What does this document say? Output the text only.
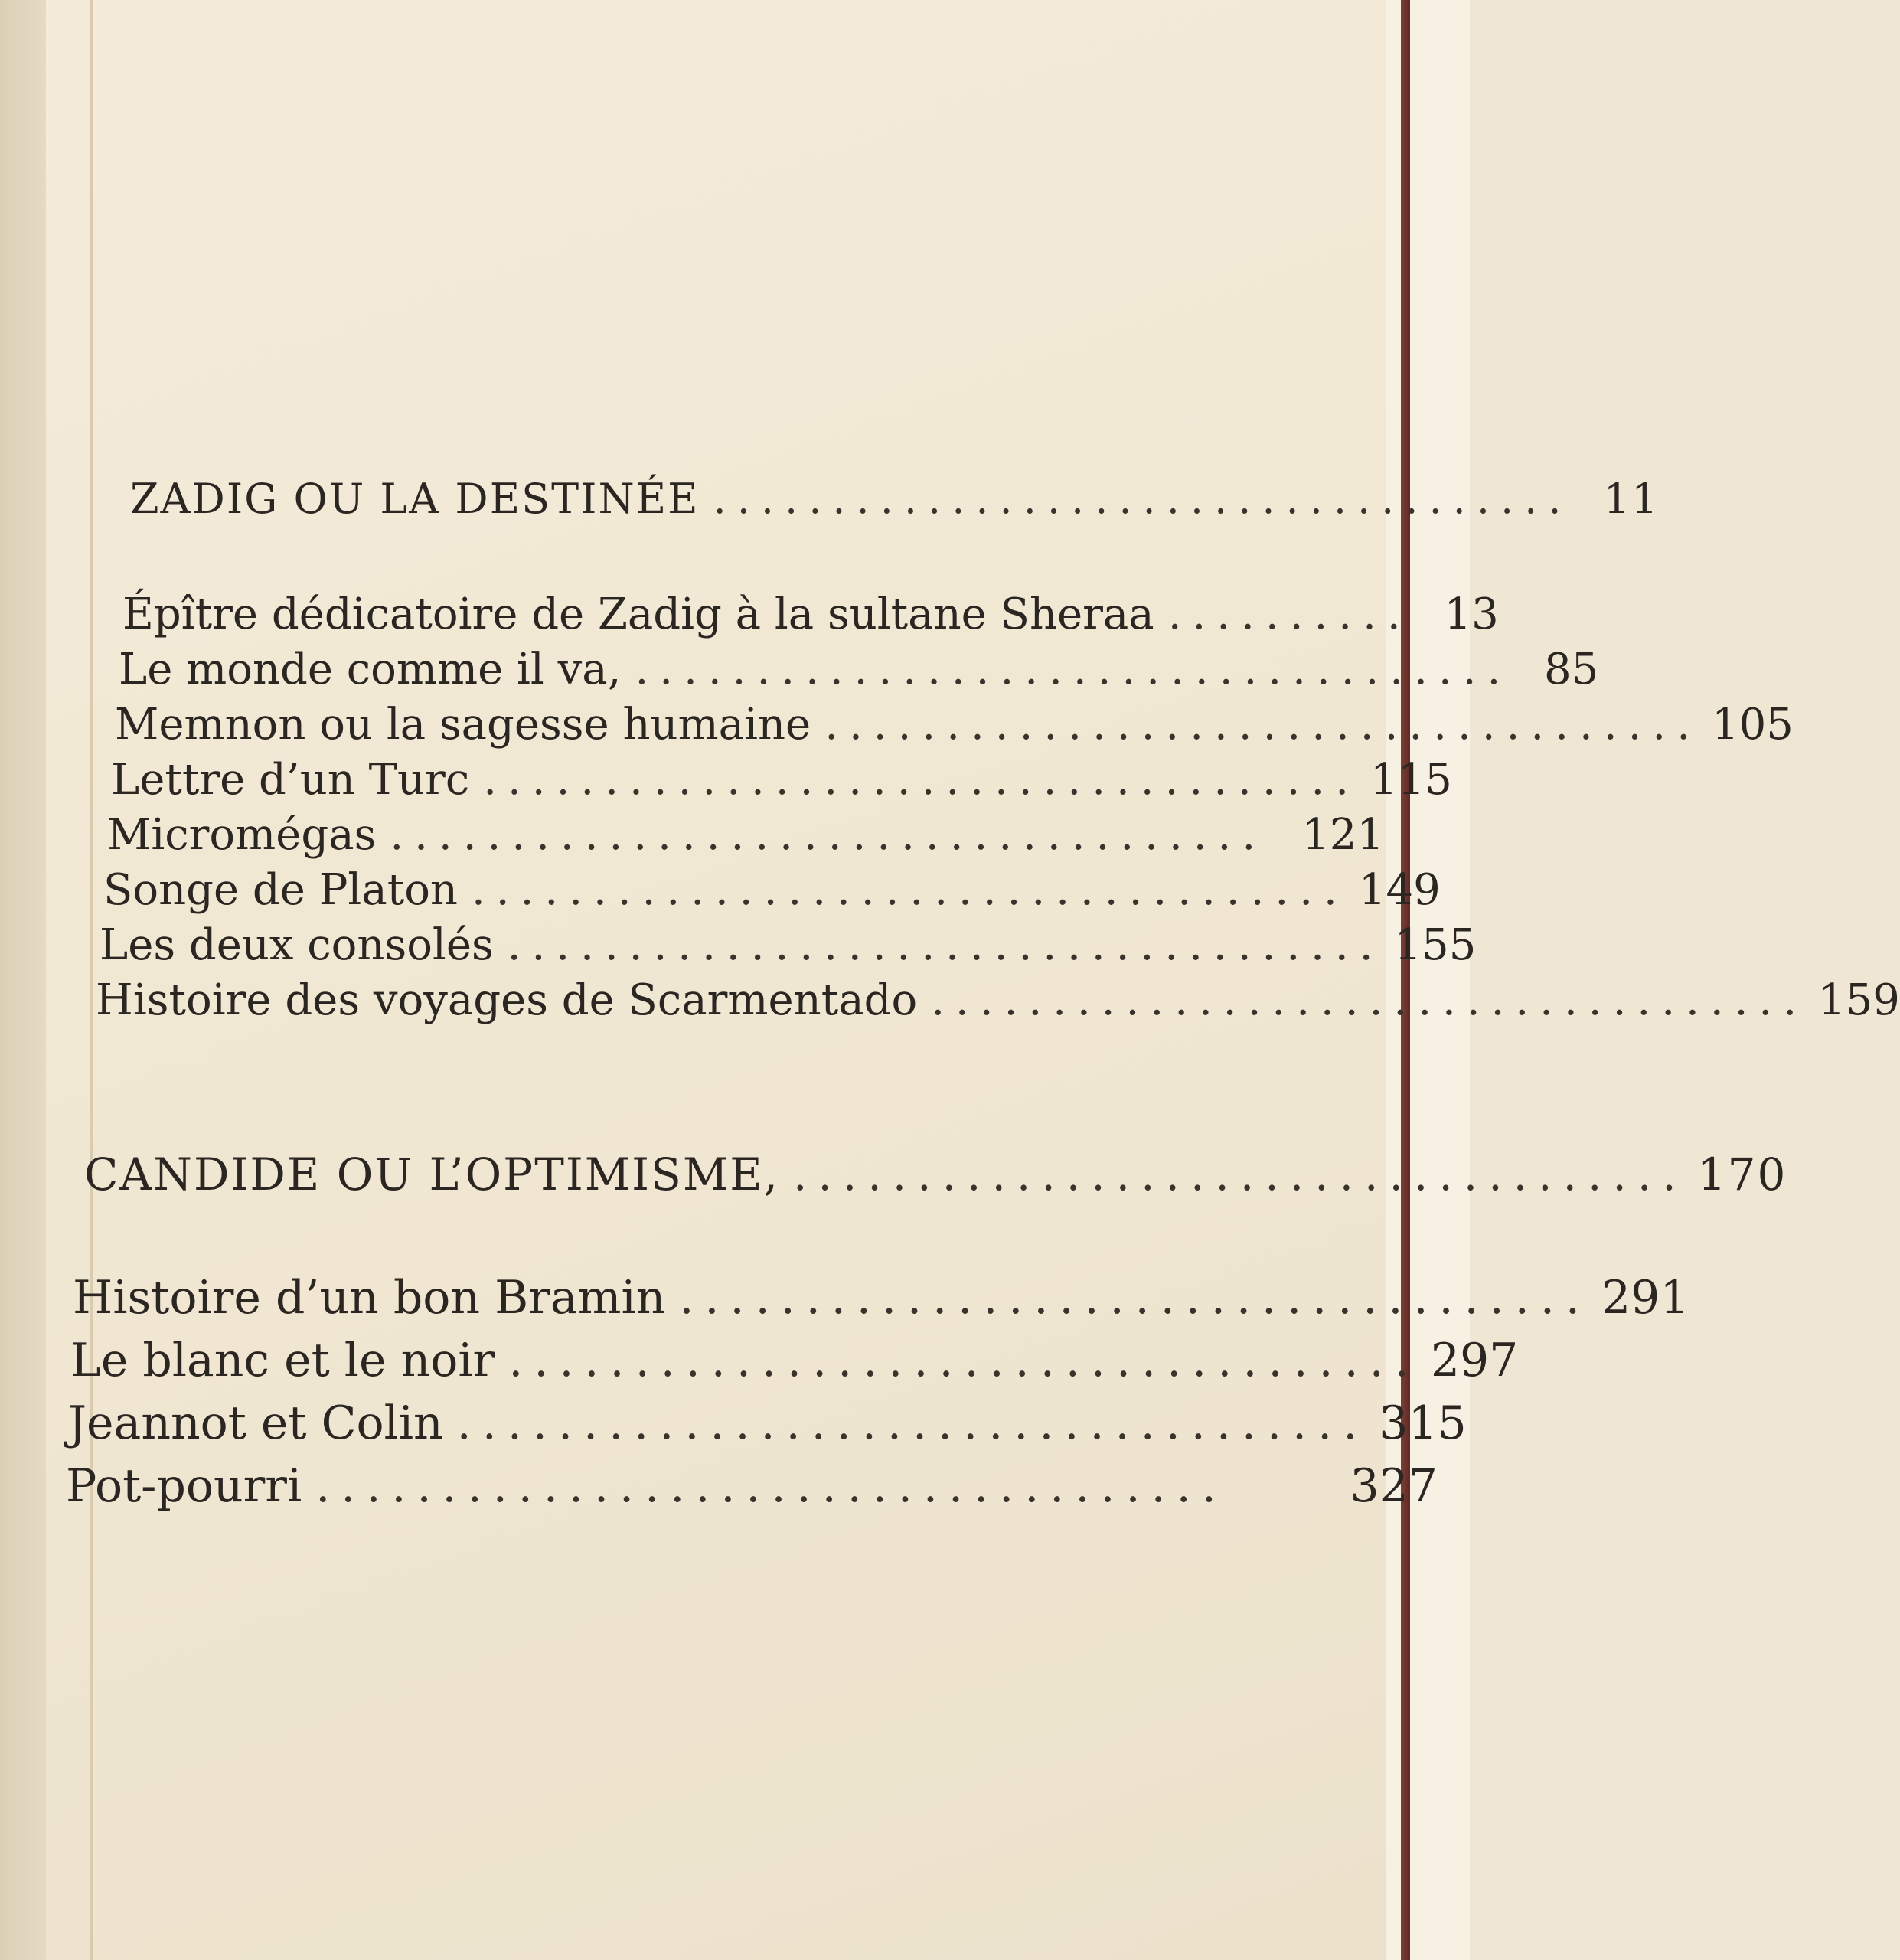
ZADIG OU LA DESTINÉE .................................... 11
Épître dédicatoire de Zadig à la sultane Sheraa .......... 13
Le monde comme il va, .................................... 85
Memnon ou la sagesse humaine .................................... 105
Lettre d’un Turc .................................... 115
Micromégas .................................... 121
Songe de Platon .................................... 149
Les deux consolés .................................... 155
Histoire des voyages de Scarmentado .................................... 159
CANDIDE OU L’OPTIMISME, .................................... 170
Histoire d’un bon Bramin .................................... 291
Le blanc et le noir .................................... 297
Jeannot et Colin .................................... 315
Pot-pourri ....................................	327
